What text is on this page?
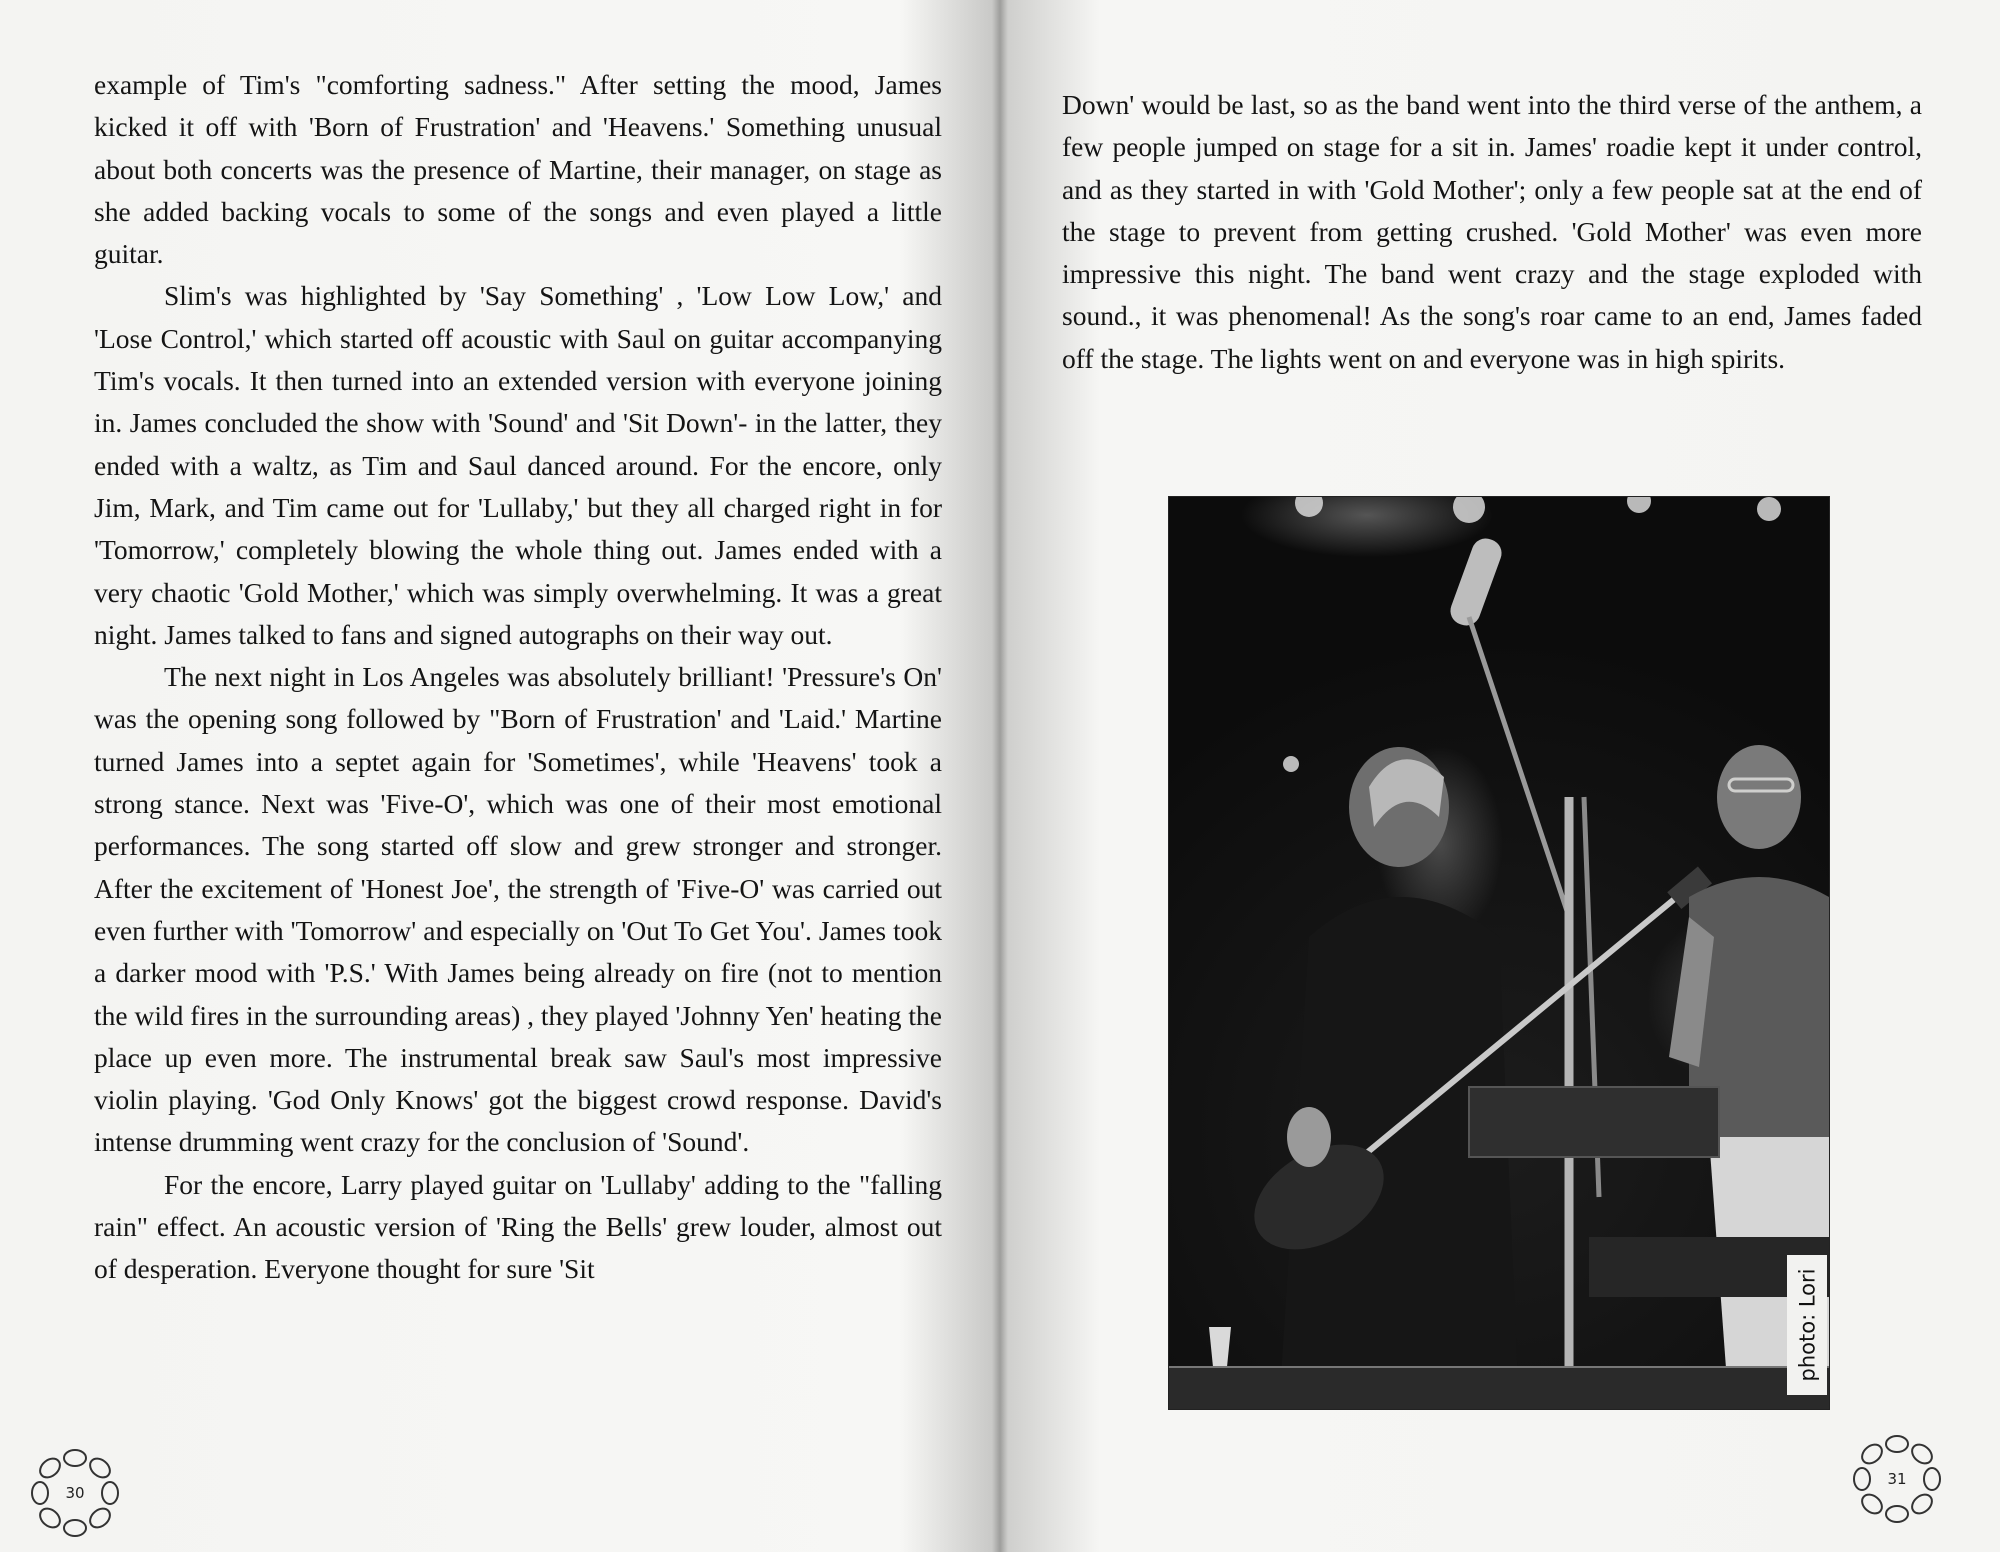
example of Tim's "comforting sadness." After setting the mood, James kicked it off with 'Born of Frustration' and 'Heavens.' Something unusual about both concerts was the presence of Martine, their manager, on stage as she added backing vocals to some of the songs and even played a little guitar.

Slim's was highlighted by 'Say Something' , 'Low Low Low,' and 'Lose Control,' which started off acoustic with Saul on guitar accompanying Tim's vocals. It then turned into an extended version with everyone joining in. James concluded the show with 'Sound' and 'Sit Down'- in the latter, they ended with a waltz, as Tim and Saul danced around. For the encore, only Jim, Mark, and Tim came out for 'Lullaby,' but they all charged right in for 'Tomorrow,' completely blowing the whole thing out. James ended with a very chaotic 'Gold Mother,' which was simply overwhelming. It was a great night. James talked to fans and signed autographs on their way out.

The next night in Los Angeles was absolutely brilliant! 'Pressure's On' was the opening song followed by "Born of Frustration' and 'Laid.' Martine turned James into a septet again for 'Sometimes', while 'Heavens' took a strong stance. Next was 'Five-O', which was one of their most emotional performances. The song started off slow and grew stronger and stronger. After the excitement of 'Honest Joe', the strength of 'Five-O' was carried out even further with 'Tomorrow' and especially on 'Out To Get You'. James took a darker mood with 'P.S.' With James being already on fire (not to mention the wild fires in the surrounding areas) , they played 'Johnny Yen' heating the place up even more. The instrumental break saw Saul's most impressive violin playing. 'God Only Knows' got the biggest crowd response. David's intense drumming went crazy for the conclusion of 'Sound'.

For the encore, Larry played guitar on 'Lullaby' adding to the "falling rain" effect. An acoustic version of 'Ring the Bells' grew louder, almost out of desperation. Everyone thought for sure 'Sit

30

Down' would be last, so as the band went into the third verse of the anthem, a few people jumped on stage for a sit in. James' roadie kept it under control, and as they started in with 'Gold Mother'; only a few people sat at the end of the stage to prevent from getting crushed. 'Gold Mother' was even more impressive this night. The band went crazy and the stage exploded with sound., it was phenomenal! As the song's roar came to an end, James faded off the stage. The lights went on and everyone was in high spirits.

photo: Lori
31
